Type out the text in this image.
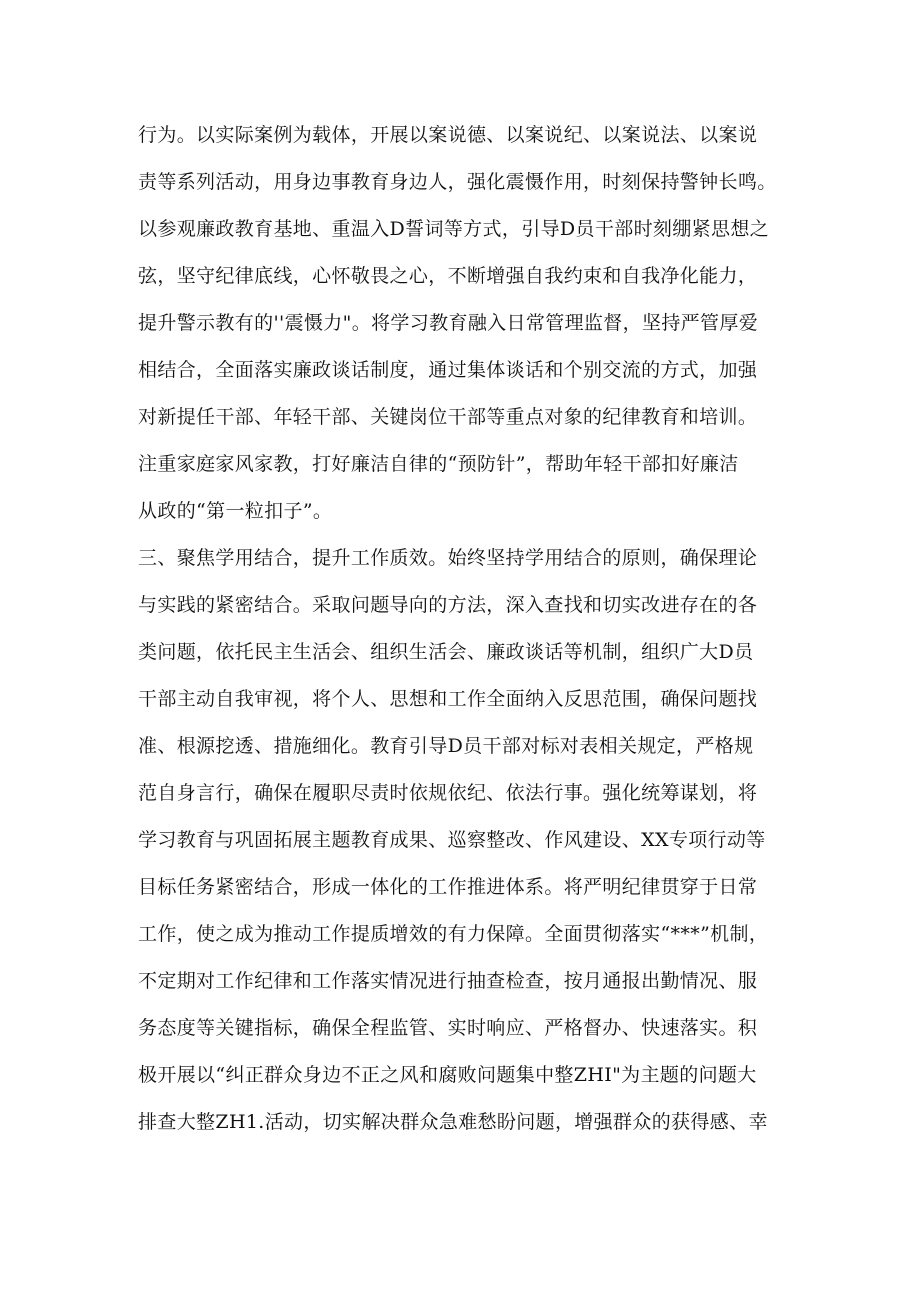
行为。以实际案例为载体，开展以案说德、以案说纪、以案说法、以案说
责等系列活动，用身边事教育身边人，强化震慑作用，时刻保持警钟长鸣。
以参观廉政教育基地、重温入D誓词等方式，引导D员干部时刻绷紧思想之
弦，坚守纪律底线，心怀敬畏之心，不断增强自我约束和自我净化能力，
提升警示教有的''震慑力"。将学习教育融入日常管理监督，坚持严管厚爱
相结合，全面落实廉政谈话制度，通过集体谈话和个别交流的方式，加强
对新提任干部、年轻干部、关键岗位干部等重点对象的纪律教育和培训。
注重家庭家风家教，打好廉洁自律的“预防针”，帮助年轻干部扣好廉洁
从政的“第一粒扣子”。
三、聚焦学用结合，提升工作质效。始终坚持学用结合的原则，确保理论
与实践的紧密结合。采取问题导向的方法，深入查找和切实改进存在的各
类问题，依托民主生活会、组织生活会、廉政谈话等机制，组织广大D员
干部主动自我审视，将个人、思想和工作全面纳入反思范围，确保问题找
准、根源挖透、措施细化。教育引导D员干部对标对表相关规定，严格规
范自身言行，确保在履职尽责时依规依纪、依法行事。强化统筹谋划，将
学习教育与巩固拓展主题教育成果、巡察整改、作风建设、XX专项行动等
目标任务紧密结合，形成一体化的工作推进体系。将严明纪律贯穿于日常
工作，使之成为推动工作提质增效的有力保障。全面贯彻落实“***”机制，
不定期对工作纪律和工作落实情况进行抽查检查，按月通报出勤情况、服
务态度等关键指标，确保全程监管、实时响应、严格督办、快速落实。积
极开展以“纠正群众身边不正之风和腐败问题集中整ZHI"为主题的问题大
排查大整ZH1.活动，切实解决群众急难愁盼问题，增强群众的获得感、幸
